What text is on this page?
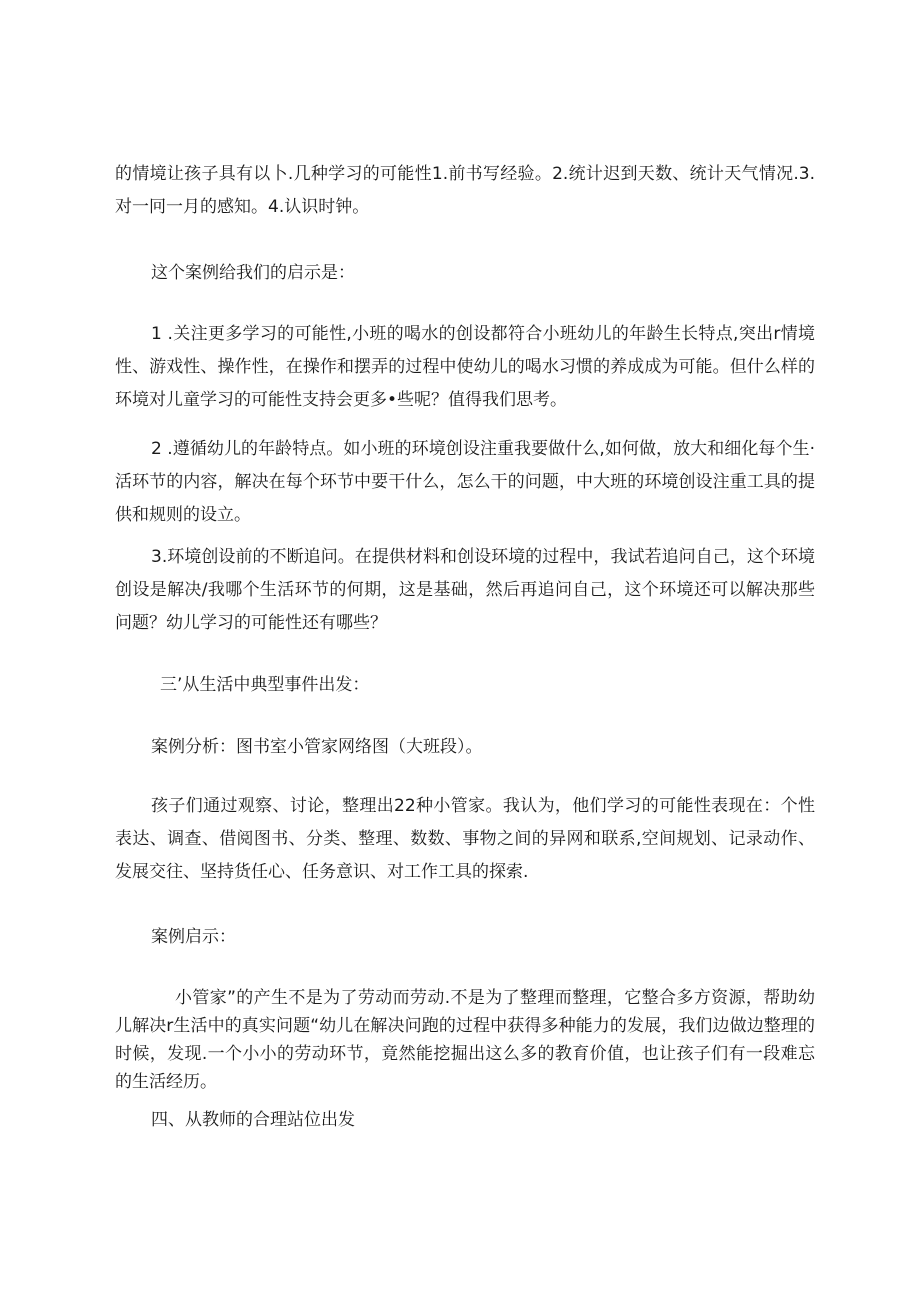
的情境让孩子具有以卜.几种学习的可能性1.前书写经验。2.统计迟到天数、统计天气情况.3.对一冋一月的感知。4.认识时钟。

这个案例给我们的启示是：

1 .关注更多学习的可能性,小班的喝水的创设都符合小班幼儿的年龄生长特点,突出r情境性、游戏性、操作性，在操作和摆弄的过程中使幼儿的喝水习惯的养成成为可能。但什么样的环境对儿童学习的可能性支持会更多•些呢？值得我们思考。

2 .遵循幼儿的年龄特点。如小班的环境创设注重我要做什么,如何做，放大和细化每个生·活环节的内容，解决在每个环节中要干什么，怎么干的问题，中大班的环境创设注重工具的提供和规则的设立。

3.环境创设前的不断追问。在提供材料和创设环境的过程中，我试若追问自己，这个环境创设是解决/我哪个生活环节的何期，这是基础，然后再追问自己，这个环境还可以解决那些问题？幼儿学习的可能性还有哪些？

三’从生活中典型事件出发：

案例分析：图书室小管家网络图（大班段）。

孩子们通过观察、讨论，整理出22种小管家。我认为，他们学习的可能性表现在：个性表达、调查、借阅图书、分类、整理、数数、事物之间的异网和联系,空间规划、记录动作、发展交往、坚持货任心、任务意识、对工作工具的探索.

案例启示：

小管家”的产生不是为了劳动而劳动.不是为了整理而整理，它整合多方资源，帮助幼儿解决r生活中的真实问题“幼儿在解决问跑的过程中获得多种能力的发展，我们边做边整理的时候，发现.一个小小的劳动环节，竟然能挖掘出这么多的教育价值，也让孩子们有一段难忘的生活经历。

四、从教师的合理站位出发
